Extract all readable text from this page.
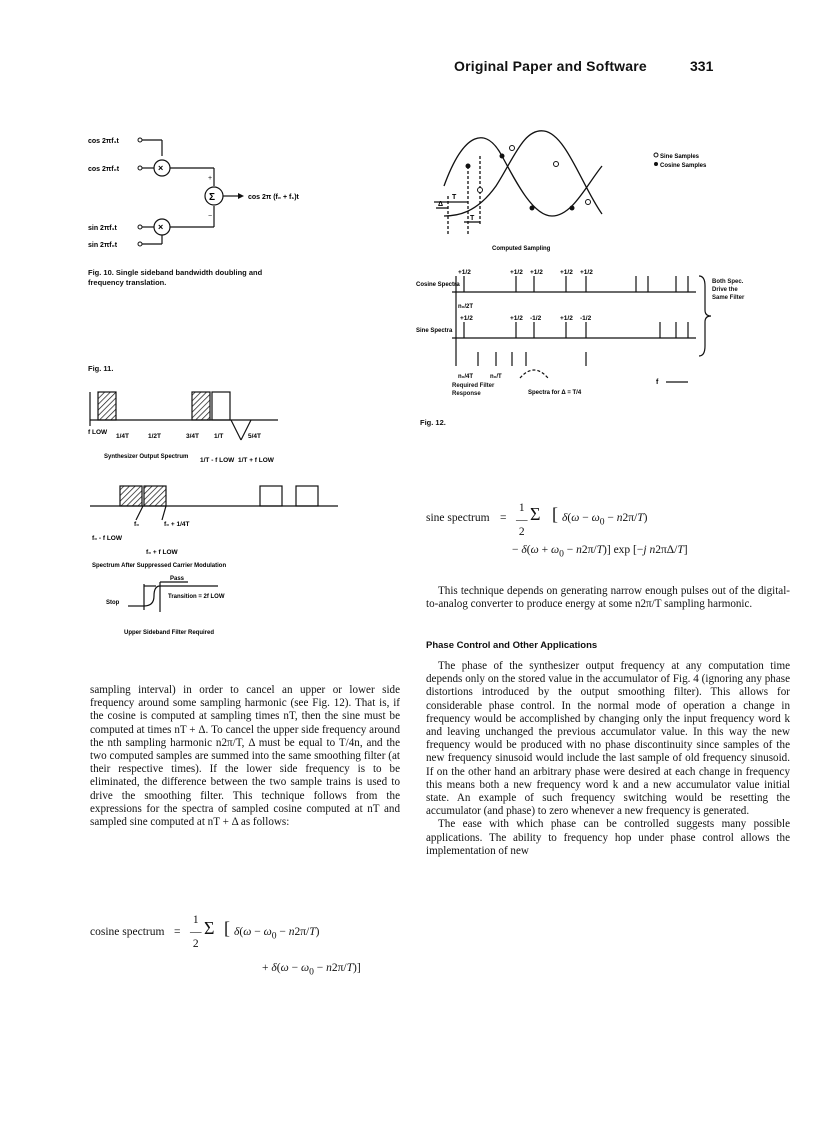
Original Paper and Software	331
+
−
cos 2πf₁t
cos 2πf₀t
sin 2πf₁t
sin 2πf₀t
×
×
Σ	cos 2π (f₀ + f₁)t
Fig. 10. Single sideband bandwidth doubling and frequency translation.
Fig. 11.
f LOW
1/4T	1/2T	3/4T 1/T	5/4T
Synthesizer Output Spectrum 1/T - f LOW 1/T + f LOW
f₀	f₀ + 1/4T
f₀ - f LOW
f₀ + f LOW
Spectrum After Suppressed Carrier Modulation
Pass
Stop
Transition = 2f LOW
Upper Sideband Filter Required
Sine Samples
Cosine Samples
T
Δ
T
Computed Sampling
Cosine Spectra
Sine Spectra
+1/2	+1/2 +1/2	+1/2 +1/2
+1/2	+1/2 -1/2	+1/2 -1/2
n₀/2T
n₀/T
n₀/4T
f
Both Spec. Drive the Same Filter
Required Filter Response	Spectra for Δ = T/4
Fig. 12.
sine spectrum =
1
—
2
Σ [ $\delta(\omega - \omega_0 - n2\pi/T)$
− $\delta(\omega + \omega_0 - n2\pi/T)$] exp [−j n2πΔ/T]

This technique depends on generating narrow enough pulses out of the digital-to-analog converter to produce energy at some n2π/T sampling harmonic.

Phase Control and Other Applications

The phase of the synthesizer output frequency at any computation time depends only on the stored value in the accumulator of Fig. 4 (ignoring any phase distortions introduced by the output smoothing filter). This allows for considerable phase control. In the normal mode of operation a change in frequency would be accomplished by changing only the input frequency word k and leaving unchanged the previous accumulator value. In this way the new frequency would be produced with no phase discontinuity since samples of the new frequency sinusoid would include the last sample of old frequency sinusoid. If on the other hand an arbitrary phase were desired at each change in frequency this means both a new frequency word k and a new accumulator value initial state. An example of such frequency switching would be resetting the accumulator (and phase) to zero whenever a new frequency is generated.

The ease with which phase can be controlled suggests many possible applications. The ability to frequency hop under phase control allows the implementation of new

sampling interval) in order to cancel an upper or lower side frequency around some sampling harmonic (see Fig. 12). That is, if the cosine is computed at sampling times nT, then the sine must be computed at times nT + Δ. To cancel the upper side frequency around the nth sampling harmonic n2π/T, Δ must be equal to T/4n, and the two computed samples are summed into the same smoothing filter (at their respective times). If the lower side frequency is to be eliminated, the difference between the two sample trains is used to drive the smoothing filter. This technique follows from the expressions for the spectra of sampled cosine computed at nT and sampled sine computed at nT + Δ as follows:

cosine spectrum =
1
—
2
Σ [ $\delta(\omega - \omega_0 - n2\pi/T)$
+ $\delta(\omega - \omega_0 - n2\pi/T)$]
